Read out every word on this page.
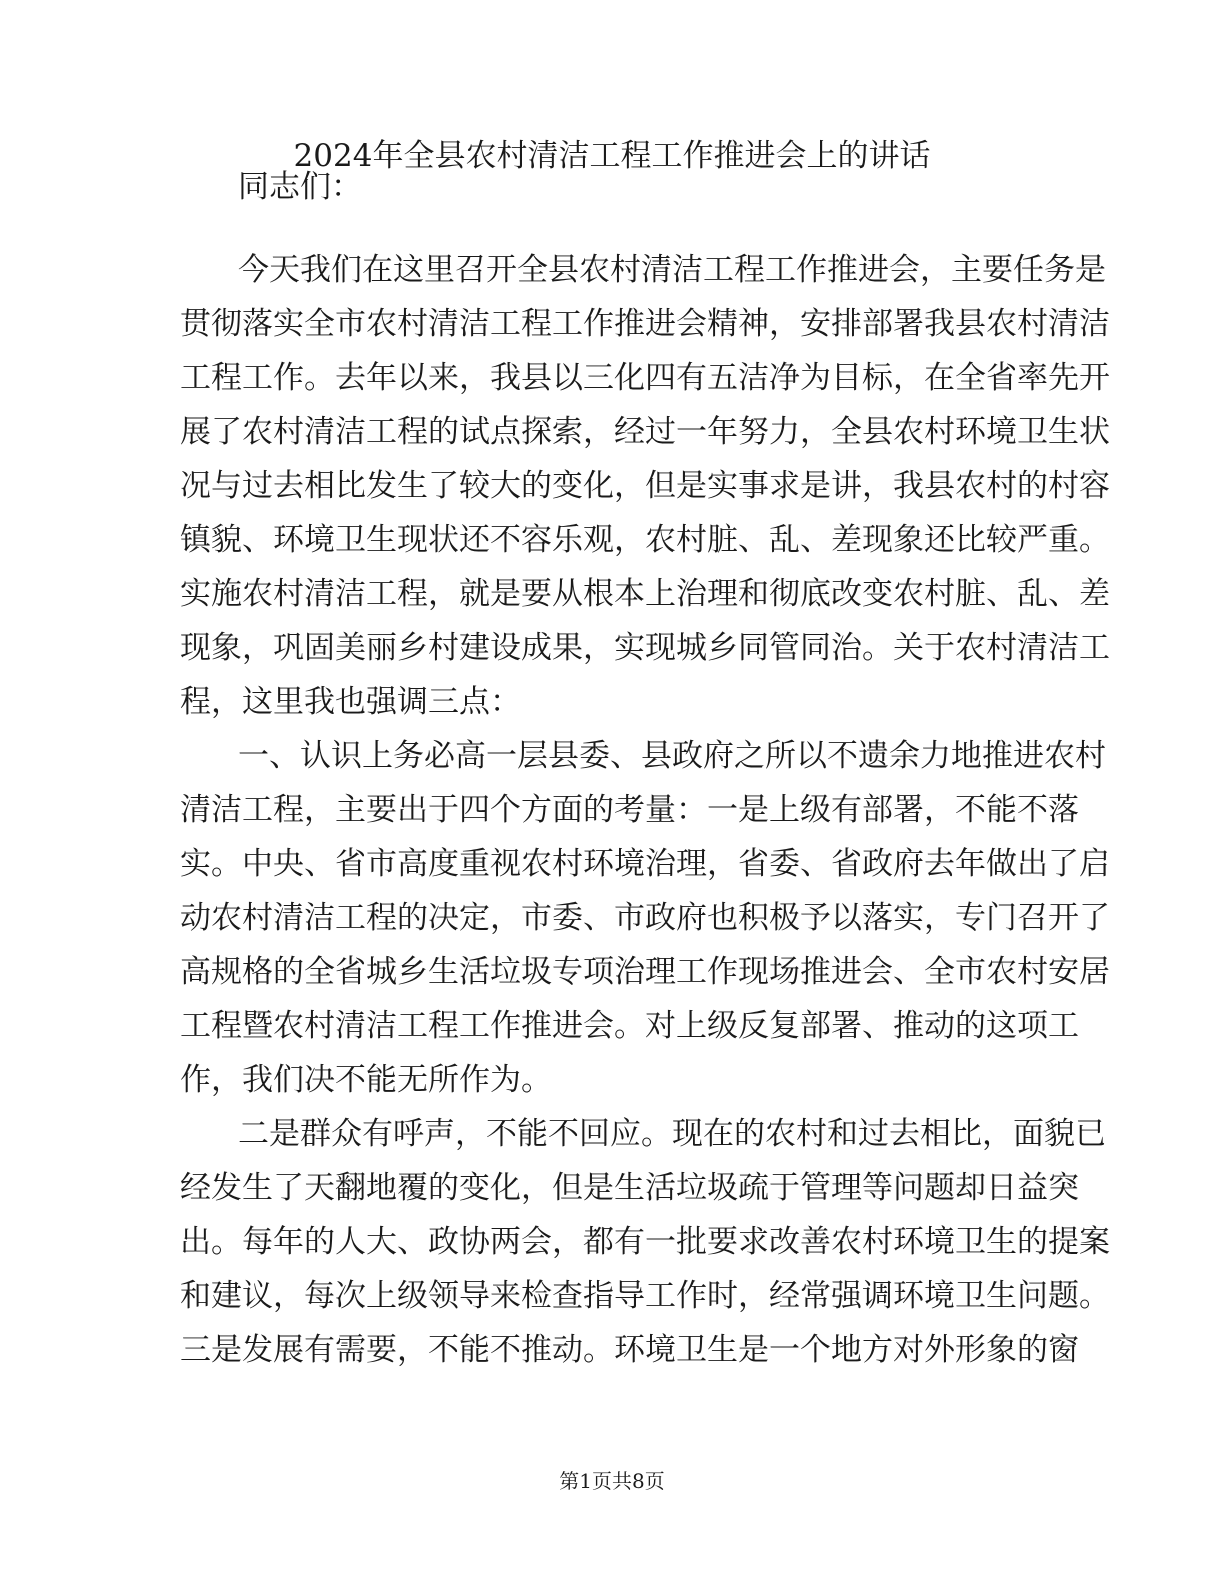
2024年全县农村清洁工程工作推进会上的讲话
同志们：
今天我们在这里召开全县农村清洁工程工作推进会，主要任务是
贯彻落实全市农村清洁工程工作推进会精神，安排部署我县农村清洁
工程工作。去年以来，我县以三化四有五洁净为目标，在全省率先开
展了农村清洁工程的试点探索，经过一年努力，全县农村环境卫生状
况与过去相比发生了较大的变化，但是实事求是讲，我县农村的村容
镇貌、环境卫生现状还不容乐观，农村脏、乱、差现象还比较严重。
实施农村清洁工程，就是要从根本上治理和彻底改变农村脏、乱、差
现象，巩固美丽乡村建设成果，实现城乡同管同治。关于农村清洁工
程，这里我也强调三点：
一、认识上务必高一层县委、县政府之所以不遗余力地推进农村
清洁工程，主要出于四个方面的考量：一是上级有部署，不能不落
实。中央、省市高度重视农村环境治理，省委、省政府去年做出了启
动农村清洁工程的决定，市委、市政府也积极予以落实，专门召开了
高规格的全省城乡生活垃圾专项治理工作现场推进会、全市农村安居
工程暨农村清洁工程工作推进会。对上级反复部署、推动的这项工
作，我们决不能无所作为。
二是群众有呼声，不能不回应。现在的农村和过去相比，面貌已
经发生了天翻地覆的变化，但是生活垃圾疏于管理等问题却日益突
出。每年的人大、政协两会，都有一批要求改善农村环境卫生的提案
和建议，每次上级领导来检查指导工作时，经常强调环境卫生问题。
三是发展有需要，不能不推动。环境卫生是一个地方对外形象的窗
第1页共8页
